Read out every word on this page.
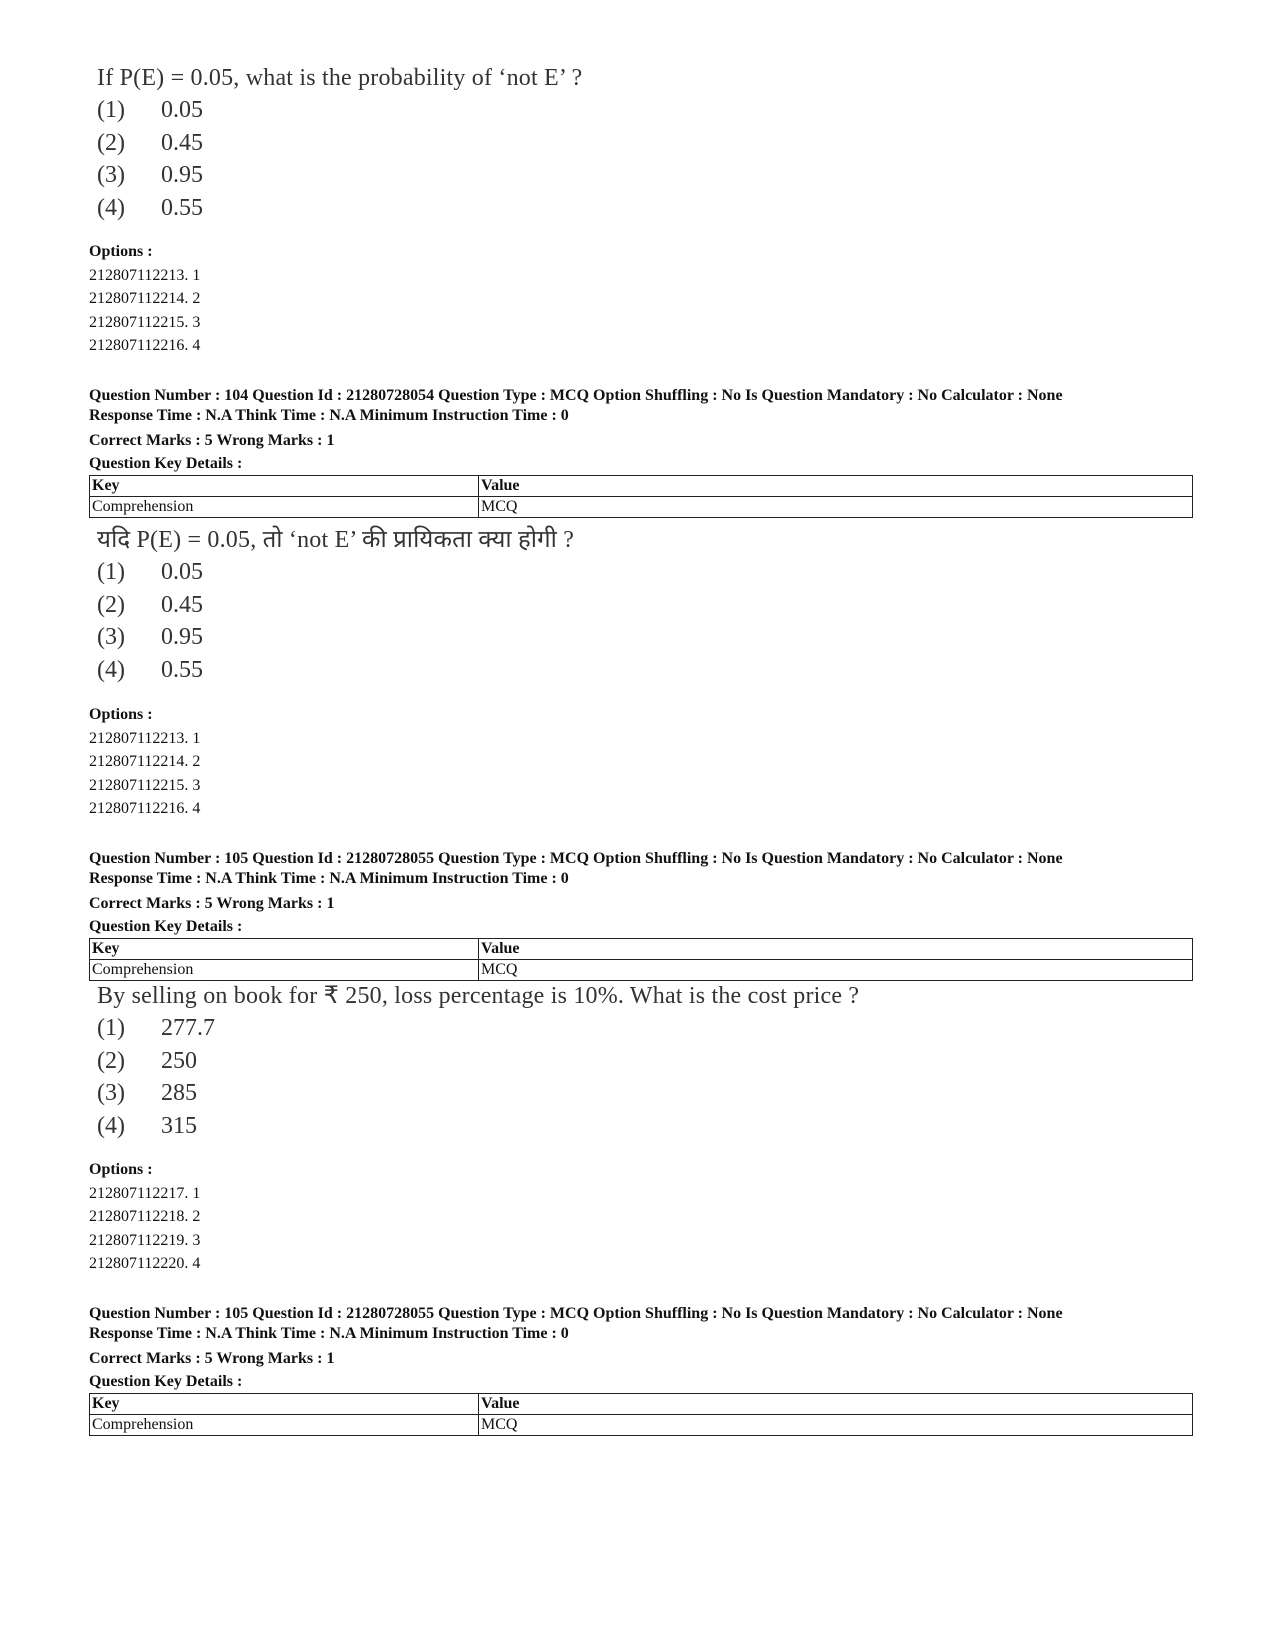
If P(E) = 0.05, what is the probability of ‘not E’ ?
(1) 0.05
(2) 0.45
(3) 0.95
(4) 0.55
Options :
212807112213. 1
212807112214. 2
212807112215. 3
212807112216. 4
Question Number : 104 Question Id : 21280728054 Question Type : MCQ Option Shuffling : No Is Question Mandatory : No Calculator : None
Response Time : N.A Think Time : N.A Minimum Instruction Time : 0
Correct Marks : 5 Wrong Marks : 1
Question Key Details :
Key	Value
Comprehension	MCQ
यदि P(E) = 0.05, तो ‘not E’ की प्रायिकता क्या होगी ?
(1) 0.05
(2) 0.45
(3) 0.95
(4) 0.55
Options :
212807112213. 1
212807112214. 2
212807112215. 3
212807112216. 4
Question Number : 105 Question Id : 21280728055 Question Type : MCQ Option Shuffling : No Is Question Mandatory : No Calculator : None
Response Time : N.A Think Time : N.A Minimum Instruction Time : 0
Correct Marks : 5 Wrong Marks : 1
Question Key Details :
Key	Value
Comprehension	MCQ
By selling on book for ₹ 250, loss percentage is 10%. What is the cost price ?
(1) 277.7
(2) 250
(3) 285
(4) 315
Options :
212807112217. 1
212807112218. 2
212807112219. 3
212807112220. 4
Question Number : 105 Question Id : 21280728055 Question Type : MCQ Option Shuffling : No Is Question Mandatory : No Calculator : None
Response Time : N.A Think Time : N.A Minimum Instruction Time : 0
Correct Marks : 5 Wrong Marks : 1
Question Key Details :
Key	Value
Comprehension	MCQ
